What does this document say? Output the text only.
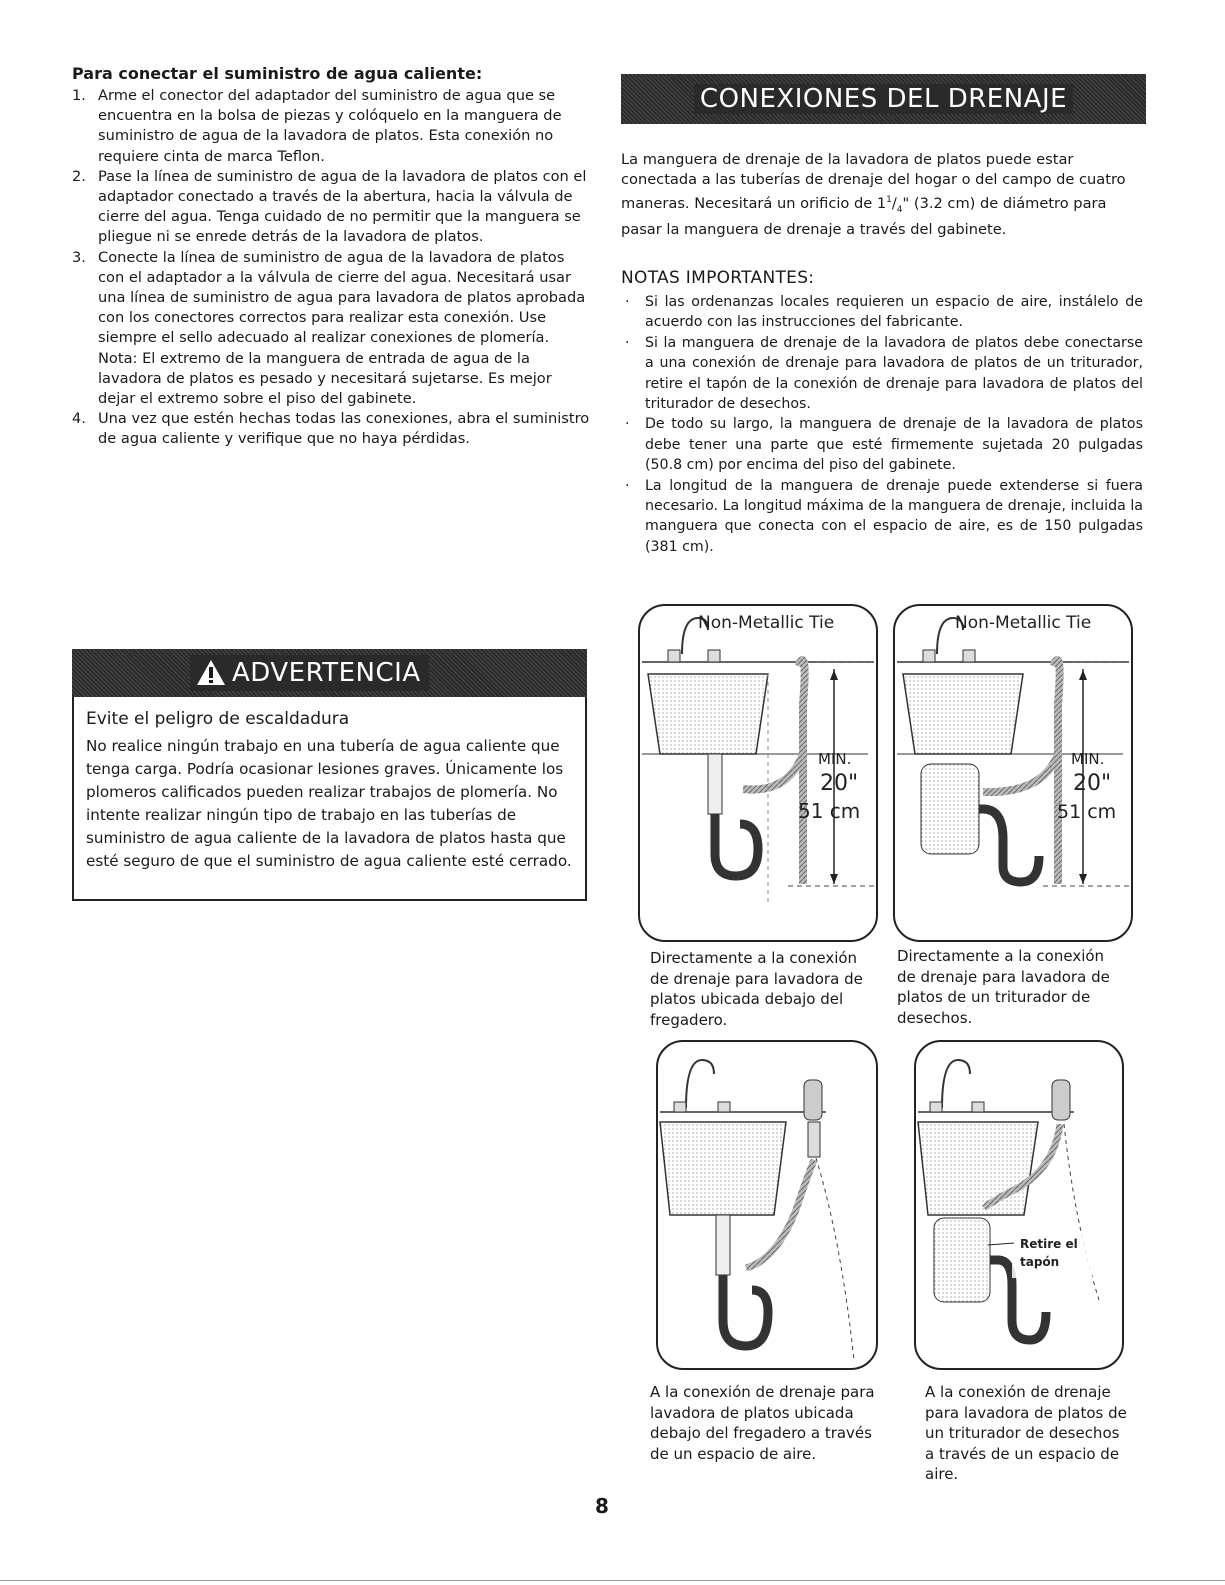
Para conectar el suministro de agua caliente:
1. Arme el conector del adaptador del suministro de agua que se encuentra en la bolsa de piezas y colóquelo en la manguera de suministro de agua de la lavadora de platos. Esta conexión no requiere cinta de marca Teflon.
2. Pase la línea de suministro de agua de la lavadora de platos con el adaptador conectado a través de la abertura, hacia la válvula de cierre del agua. Tenga cuidado de no permitir que la manguera se pliegue ni se enrede detrás de la lavadora de platos.
3. Conecte la línea de suministro de agua de la lavadora de platos con el adaptador a la válvula de cierre del agua. Necesitará usar una línea de suministro de agua para lavadora de platos aprobada con los conectores correctos para realizar esta conexión. Use siempre el sello adecuado al realizar conexiones de plomería.
Nota: El extremo de la manguera de entrada de agua de la lavadora de platos es pesado y necesitará sujetarse. Es mejor dejar el extremo sobre el piso del gabinete.
4. Una vez que estén hechas todas las conexiones, abra el suministro de agua caliente y verifique que no haya pérdidas.
CONEXIONES DEL DRENAJE
La manguera de drenaje de la lavadora de platos puede estar conectada a las tuberías de drenaje del hogar o del campo de cuatro maneras. Necesitará un orificio de $1^1/_4$" (3.2 cm) de diámetro para pasar la manguera de drenaje a través del gabinete.
NOTAS IMPORTANTES:
· Si las ordenanzas locales requieren un espacio de aire, instálelo de acuerdo con las instrucciones del fabricante.
· Si la manguera de drenaje de la lavadora de platos debe conectarse a una conexión de drenaje para lavadora de platos de un triturador, retire el tapón de la conexión de drenaje para lavadora de platos del triturador de desechos.
· De todo su largo, la manguera de drenaje de la lavadora de platos debe tener una parte que esté firmemente sujetada 20 pulgadas (50.8 cm) por encima del piso del gabinete.
· La longitud de la manguera de drenaje puede extenderse si fuera necesario. La longitud máxima de la manguera de drenaje, incluida la manguera que conecta con el espacio de aire, es de 150 pulgadas (381 cm).
ADVERTENCIA
Evite el peligro de escaldadura
No realice ningún trabajo en una tubería de agua caliente que tenga carga. Podría ocasionar lesiones graves. Únicamente los plomeros calificados pueden realizar trabajos de plomería. No intente realizar ningún tipo de trabajo en las tuberías de suministro de agua caliente de la lavadora de platos hasta que esté seguro de que el suministro de agua caliente esté cerrado.
Non-Metallic Tie
MIN.
20"
51 cm
Directamente a la conexión de drenaje para lavadora de platos ubicada debajo del fregadero.
Non-Metallic Tie
MIN.
20"
51 cm
Directamente a la conexión de drenaje para lavadora de platos de un triturador de desechos.
A la conexión de drenaje para lavadora de platos ubicada debajo del fregadero a través de un espacio de aire.
Retire el tapón
A la conexión de drenaje para lavadora de platos de un triturador de desechos a través de un espacio de aire.
8
